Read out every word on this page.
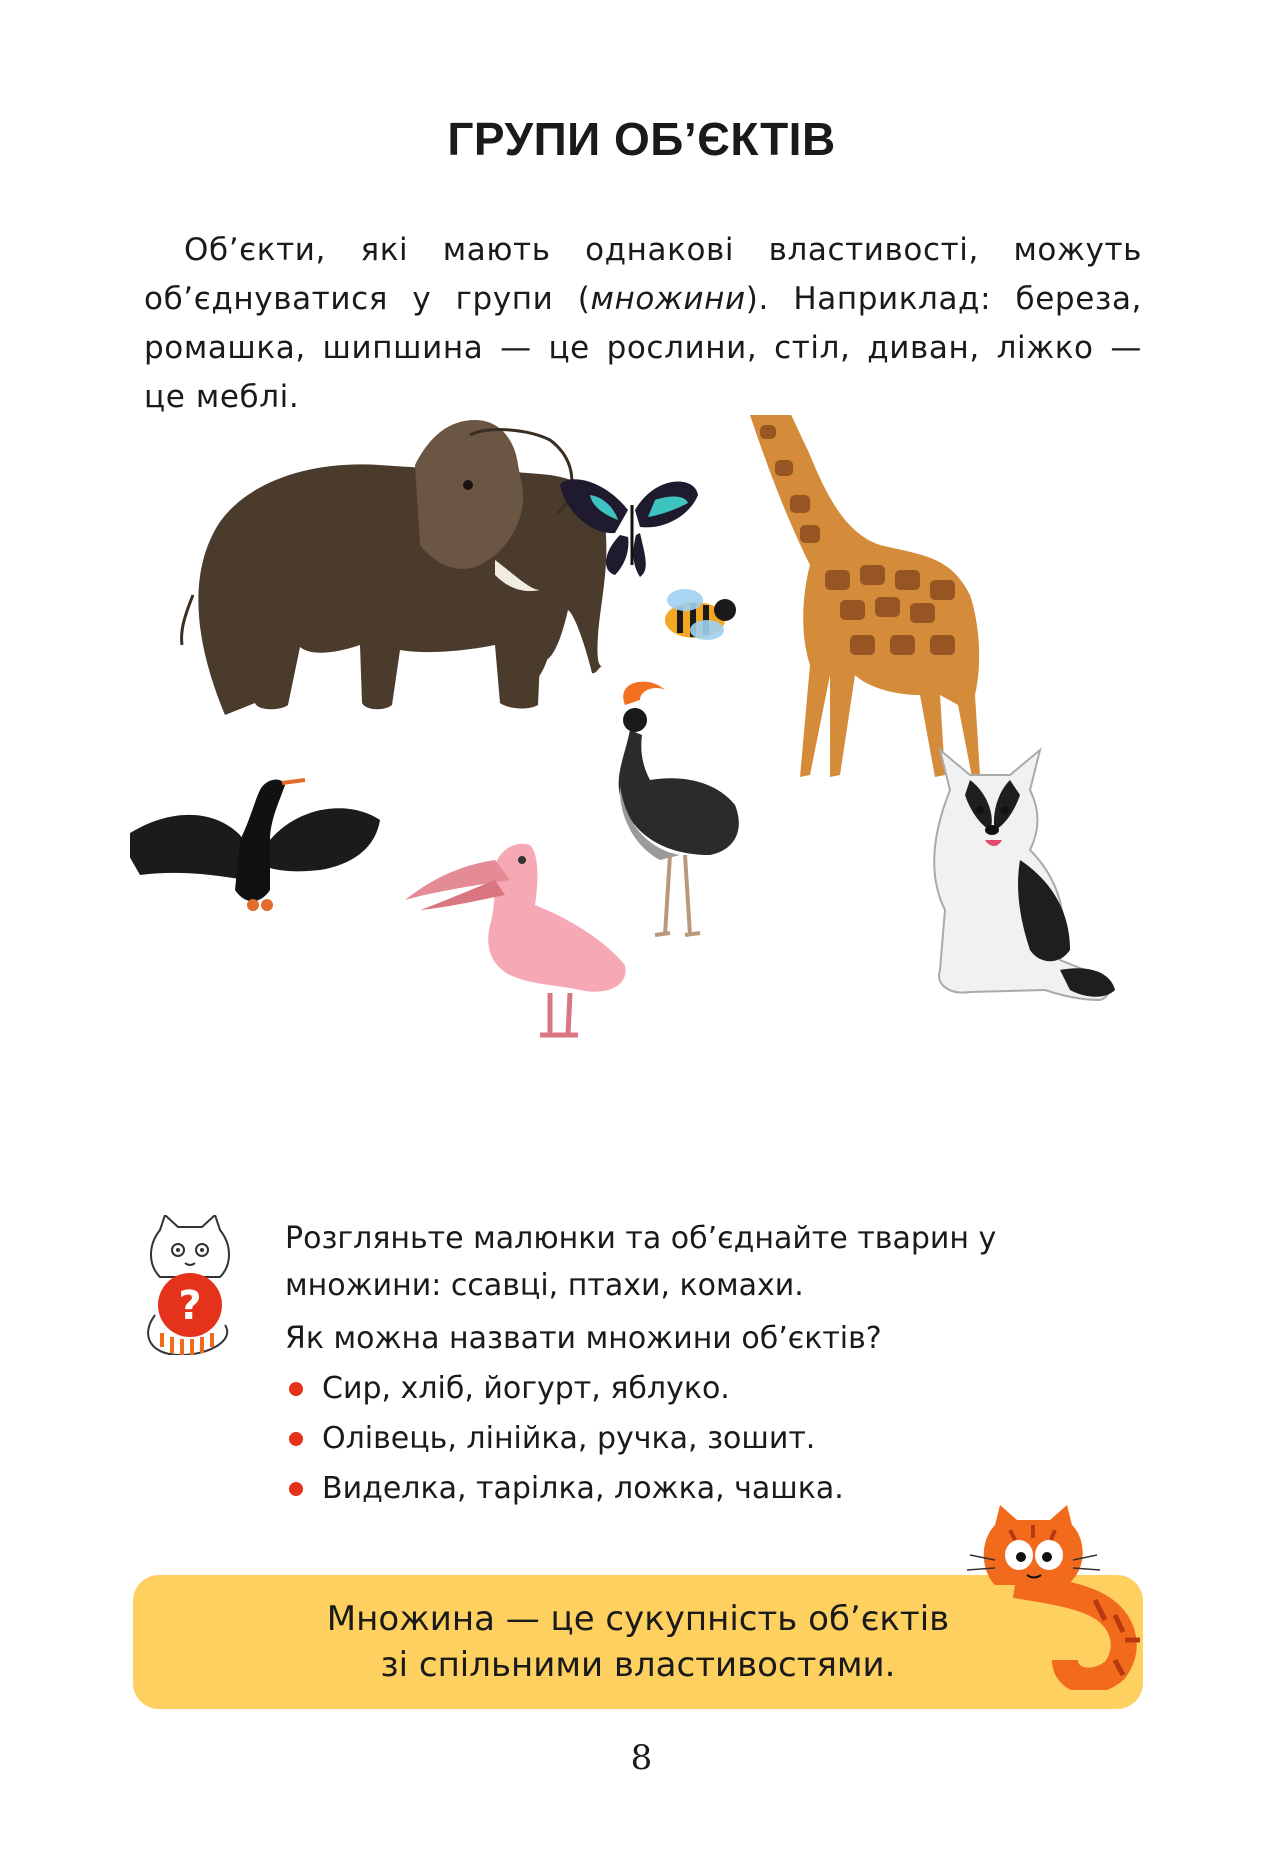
ГРУПИ ОБ’ЄКТІВ

Об’єкти, які мають однакові властивості, можуть об’єднуватися у групи (множини). Наприклад: береза, ромашка, шипшина — це рослини, стіл, диван, ліжко — це меблі.

?

Розгляньте малюнки та об’єднайте тварин у множини: ссавці, птахи, комахи.

Як можна назвати множини об’єктів?

Сир, хліб, йогурт, яблуко.
Олівець, лінійка, ручка, зошит.
Виделка, тарілка, ложка, чашка.

Множина — це сукупність об’єктів
зі спільними властивостями.

8
